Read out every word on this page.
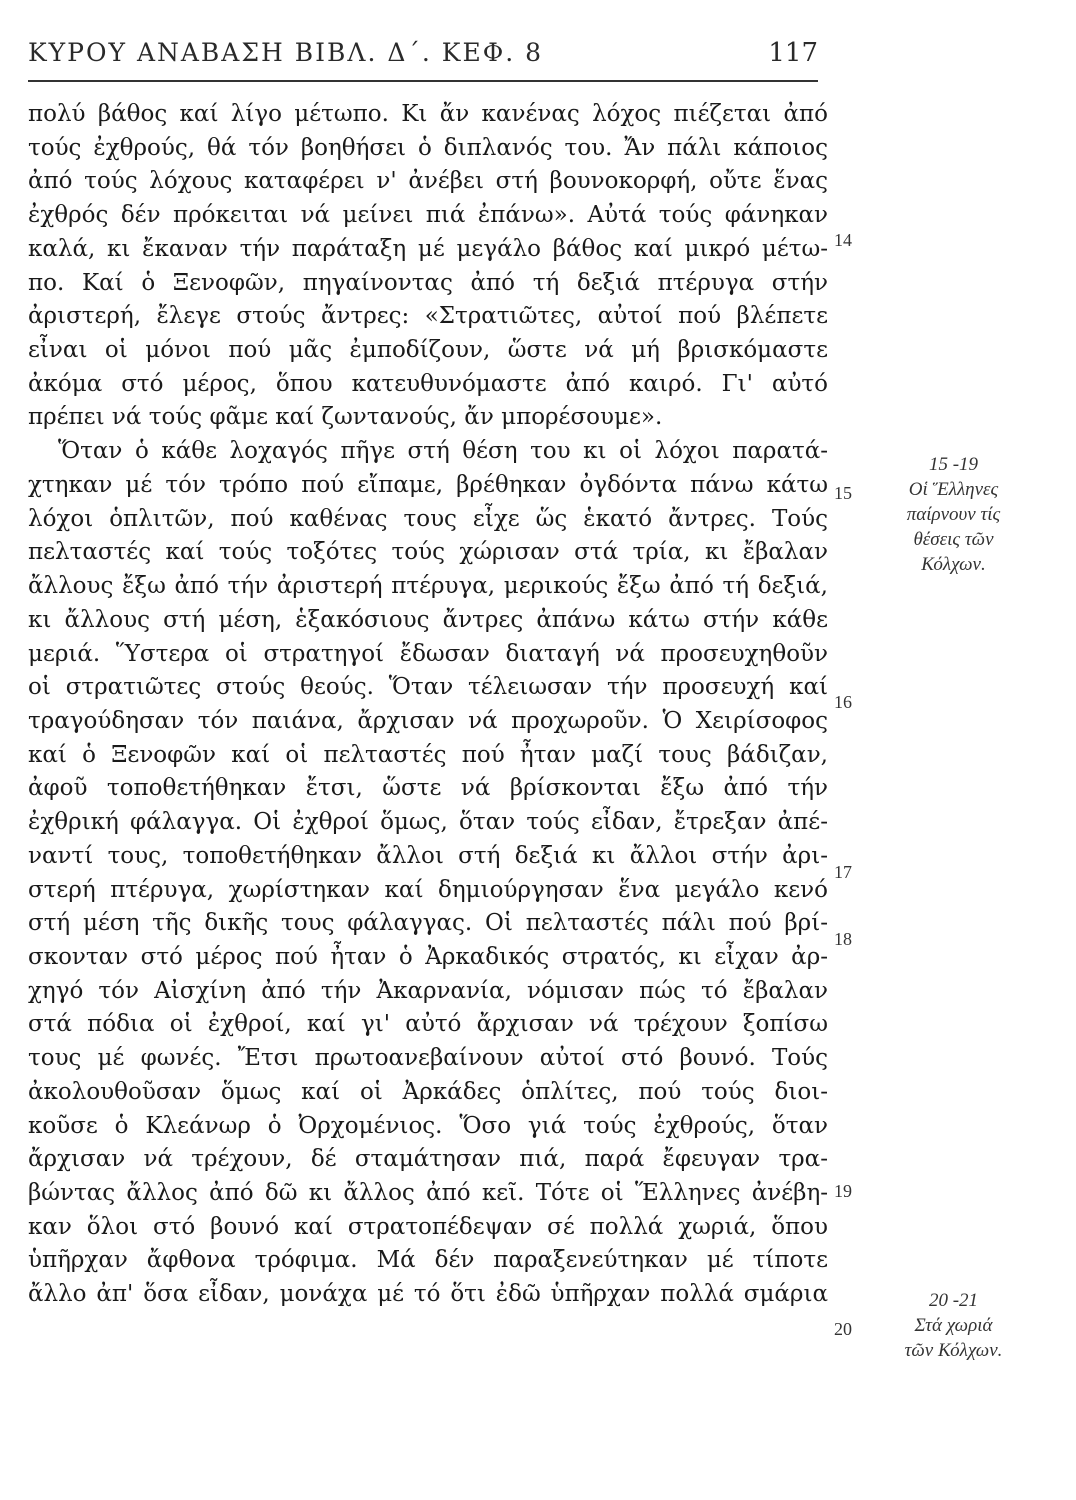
ΚΥΡΟΥ ΑΝΑΒΑΣΗ ΒΙΒΛ. Δ΄. ΚΕΦ. 8	117
πολύ βάθος καί λίγο μέτωπο. Κι ἄν κανένας λόχος πιέζεται ἀπό
τούς ἐχθρούς, θά τόν βοηθήσει ὁ διπλανός του. Ἄν πάλι κάποιος
ἀπό τούς λόχους καταφέρει ν' ἀνέβει στή βουνοκορφή, οὔτε ἕνας
ἐχθρός δέν πρόκειται νά μείνει πιά ἐπάνω». Αὐτά τούς φάνηκαν
καλά, κι ἔκαναν τήν παράταξη μέ μεγάλο βάθος καί μικρό μέτω-
πο. Καί ὁ Ξενοφῶν, πηγαίνοντας ἀπό τή δεξιά πτέρυγα στήν
ἀριστερή, ἔλεγε στούς ἄντρες: «Στρατιῶτες, αὐτοί πού βλέπετε
εἶναι οἱ μόνοι πού μᾶς ἐμποδίζουν, ὥστε νά μή βρισκόμαστε
ἀκόμα στό μέρος, ὅπου κατευθυνόμαστε ἀπό καιρό. Γι' αὐτό
πρέπει νά τούς φᾶμε καί ζωντανούς, ἄν μπορέσουμε».
Ὅταν ὁ κάθε λοχαγός πῆγε στή θέση του κι οἱ λόχοι παρατά-
χτηκαν μέ τόν τρόπο πού εἴπαμε, βρέθηκαν ὀγδόντα πάνω κάτω
λόχοι ὁπλιτῶν, πού καθένας τους εἶχε ὥς ἑκατό ἄντρες. Τούς
πελταστές καί τούς τοξότες τούς χώρισαν στά τρία, κι ἔβαλαν
ἄλλους ἔξω ἀπό τήν ἀριστερή πτέρυγα, μερικούς ἔξω ἀπό τή δεξιά,
κι ἄλλους στή μέση, ἑξακόσιους ἄντρες ἀπάνω κάτω στήν κάθε
μεριά. Ὕστερα οἱ στρατηγοί ἔδωσαν διαταγή νά προσευχηθοῦν
οἱ στρατιῶτες στούς θεούς. Ὅταν τέλειωσαν τήν προσευχή καί
τραγούδησαν τόν παιάνα, ἄρχισαν νά προχωροῦν. Ὁ Χειρίσοφος
καί ὁ Ξενοφῶν καί οἱ πελταστές πού ἦταν μαζί τους βάδιζαν,
ἀφοῦ τοποθετήθηκαν ἔτσι, ὥστε νά βρίσκονται ἔξω ἀπό τήν
ἐχθρική φάλαγγα. Οἱ ἐχθροί ὅμως, ὅταν τούς εἶδαν, ἔτρεξαν ἀπέ-
ναντί τους, τοποθετήθηκαν ἄλλοι στή δεξιά κι ἄλλοι στήν ἀρι-
στερή πτέρυγα, χωρίστηκαν καί δημιούργησαν ἕνα μεγάλο κενό
στή μέση τῆς δικῆς τους φάλαγγας. Οἱ πελταστές πάλι πού βρί-
σκονταν στό μέρος πού ἦταν ὁ Ἀρκαδικός στρατός, κι εἶχαν ἀρ-
χηγό τόν Αἰσχίνη ἀπό τήν Ἀκαρνανία, νόμισαν πώς τό ἔβαλαν
στά πόδια οἱ ἐχθροί, καί γι' αὐτό ἄρχισαν νά τρέχουν ξοπίσω
τους μέ φωνές. Ἔτσι πρωτοανεβαίνουν αὐτοί στό βουνό. Τούς
ἀκολουθοῦσαν ὅμως καί οἱ Ἀρκάδες ὁπλίτες, πού τούς διοι-
κοῦσε ὁ Κλεάνωρ ὁ Ὀρχομένιος. Ὅσο γιά τούς ἐχθρούς, ὅταν
ἄρχισαν νά τρέχουν, δέ σταμάτησαν πιά, παρά ἔφευγαν τρα-
βώντας ἄλλος ἀπό δῶ κι ἄλλος ἀπό κεῖ. Τότε οἱ Ἕλληνες ἀνέβη-
καν ὅλοι στό βουνό καί στρατοπέδεψαν σέ πολλά χωριά, ὅπου
ὑπῆρχαν ἄφθονα τρόφιμα. Μά δέν παραξενεύτηκαν μέ τίποτε
ἄλλο ἀπ' ὅσα εἶδαν, μονάχα μέ τό ὅτι ἐδῶ ὑπῆρχαν πολλά σμάρια
14
15
16
17
18
19
20
15 -19
Οἱ Ἕλληνες
παίρνουν τίς
θέσεις τῶν
Κόλχων.
20 -21
Στά χωριά
τῶν Κόλχων.
